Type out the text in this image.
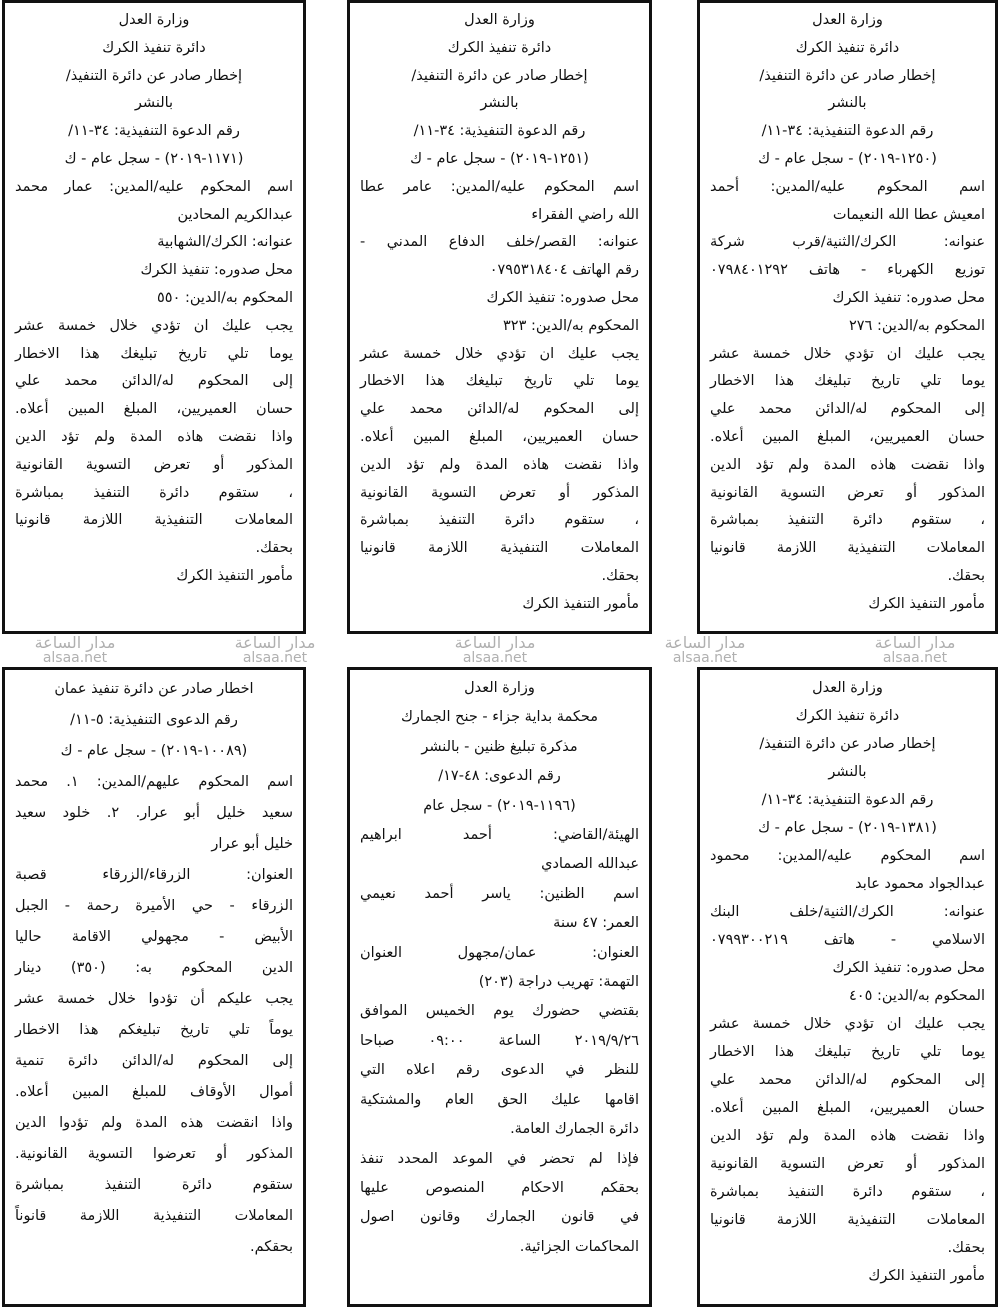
وزارة العدل
دائرة تنفيذ الكرك
إخطار صادر عن دائرة التنفيذ/
بالنشر
رقم الدعوة التنفيذية: ٣٤-١١/
(١١٧١-٢٠١٩) - سجل عام - ك
اسم المحكوم عليه/المدين: عمار محمد
عبدالكريم المحادين
عنوانه: الكرك/الشهابية
محل صدوره: تنفيذ الكرك
المحكوم به/الدين: ٥٥٠
يجب عليك ان تؤدي خلال خمسة عشر
يوما تلي تاريخ تبليغك هذا الاخطار
إلى المحكوم له/الدائن محمد علي
حسان العميريين، المبلغ المبين أعلاه.
واذا نقضت هاذه المدة ولم تؤد الدين
المذكور أو تعرض التسوية القانونية
، ستقوم دائرة التنفيذ بمباشرة
المعاملات التنفيذية اللازمة قانونيا
بحقك.
مأمور التنفيذ الكرك
وزارة العدل
دائرة تنفيذ الكرك
إخطار صادر عن دائرة التنفيذ/
بالنشر
رقم الدعوة التنفيذية: ٣٤-١١/
(١٢٥١-٢٠١٩) - سجل عام - ك
اسم المحكوم عليه/المدين: عامر عطا
الله راضي الفقراء
عنوانه: القصر/خلف الدفاع المدني -
رقم الهاتف ٠٧٩٥٣١٨٤٠٤
محل صدوره: تنفيذ الكرك
المحكوم به/الدين: ٣٢٣
يجب عليك ان تؤدي خلال خمسة عشر
يوما تلي تاريخ تبليغك هذا الاخطار
إلى المحكوم له/الدائن محمد علي
حسان العميريين، المبلغ المبين أعلاه.
واذا نقضت هاذه المدة ولم تؤد الدين
المذكور أو تعرض التسوية القانونية
، ستقوم دائرة التنفيذ بمباشرة
المعاملات التنفيذية اللازمة قانونيا
بحقك.
مأمور التنفيذ الكرك
وزارة العدل
دائرة تنفيذ الكرك
إخطار صادر عن دائرة التنفيذ/
بالنشر
رقم الدعوة التنفيذية: ٣٤-١١/
(١٢٥٠-٢٠١٩) - سجل عام - ك
اسم المحكوم عليه/المدين: أحمد
امعيش عطا الله النعيمات
عنوانه: الكرك/الثنية/قرب شركة
توزيع الكهرباء - هاتف ٠٧٩٨٤٠١٢٩٢
محل صدوره: تنفيذ الكرك
المحكوم به/الدين: ٢٧٦
يجب عليك ان تؤدي خلال خمسة عشر
يوما تلي تاريخ تبليغك هذا الاخطار
إلى المحكوم له/الدائن محمد علي
حسان العميريين، المبلغ المبين أعلاه.
واذا نقضت هاذه المدة ولم تؤد الدين
المذكور أو تعرض التسوية القانونية
، ستقوم دائرة التنفيذ بمباشرة
المعاملات التنفيذية اللازمة قانونيا
بحقك.
مأمور التنفيذ الكرك
اخطار صادر عن دائرة تنفيذ عمان
رقم الدعوى التنفيذية: ٥-١١/
(١٠٠٨٩-٢٠١٩) - سجل عام - ك
اسم المحكوم عليهم/المدين: ١. محمد
سعيد خليل أبو عرار. ٢. خلود سعيد
خليل أبو عرار
العنوان: الزرقاء/الزرقاء قصبة
الزرقاء - حي الأميرة رحمة - الجبل
الأبيض - مجهولي الاقامة حاليا
الدين المحكوم به: (٣٥٠) دينار
يجب عليكم أن تؤدوا خلال خمسة عشر
يوماً تلي تاريخ تبليغكم هذا الاخطار
إلى المحكوم له/الدائن دائرة تنمية
أموال الأوقاف للمبلغ المبين أعلاه.
واذا انقضت هذه المدة ولم تؤدوا الدين
المذكور أو تعرضوا التسوية القانونية.
ستقوم دائرة التنفيذ بمباشرة
المعاملات التنفيذية اللازمة قانوناً
بحقكم.
وزارة العدل
محكمة بداية جزاء - جنح الجمارك
مذكرة تبليغ ظنين - بالنشر
رقم الدعوى: ٤٨-١٧/
(١١٩٦-٢٠١٩) - سجل عام
الهيئة/القاضي: أحمد ابراهيم
عبدالله الصمادي
اسم الظنين: ياسر أحمد نعيمي
العمر: ٤٧ سنة
العنوان: عمان/مجهول العنوان
التهمة: تهريب دراجة (٢٠٣)
بقتضي حضورك يوم الخميس الموافق
٢٠١٩/٩/٢٦ الساعة ٠٩:٠٠ صباحا
للنظر في الدعوى رقم اعلاه التي
اقامها عليك الحق العام والمشتكية
دائرة الجمارك العامة.
فإذا لم تحضر في الموعد المحدد تنفذ
بحقكم الاحكام المنصوص عليها
في قانون الجمارك وقانون اصول
المحاكمات الجزائية.
وزارة العدل
دائرة تنفيذ الكرك
إخطار صادر عن دائرة التنفيذ/
بالنشر
رقم الدعوة التنفيذية: ٣٤-١١/
(١٣٨١-٢٠١٩) - سجل عام - ك
اسم المحكوم عليه/المدين: محمود
عبدالجواد محمود عابد
عنوانه: الكرك/الثنية/خلف البنك
الاسلامي - هاتف ٠٧٩٩٣٠٠٢١٩
محل صدوره: تنفيذ الكرك
المحكوم به/الدين: ٤٠٥
يجب عليك ان تؤدي خلال خمسة عشر
يوما تلي تاريخ تبليغك هذا الاخطار
إلى المحكوم له/الدائن محمد علي
حسان العميريين، المبلغ المبين أعلاه.
واذا نقضت هاذه المدة ولم تؤد الدين
المذكور أو تعرض التسوية القانونية
، ستقوم دائرة التنفيذ بمباشرة
المعاملات التنفيذية اللازمة قانونيا
بحقك.
مأمور التنفيذ الكرك
مدار الساعة
alsaa.net
مدار الساعة
alsaa.net
مدار الساعة
alsaa.net
مدار الساعة
alsaa.net
مدار الساعة
alsaa.net
